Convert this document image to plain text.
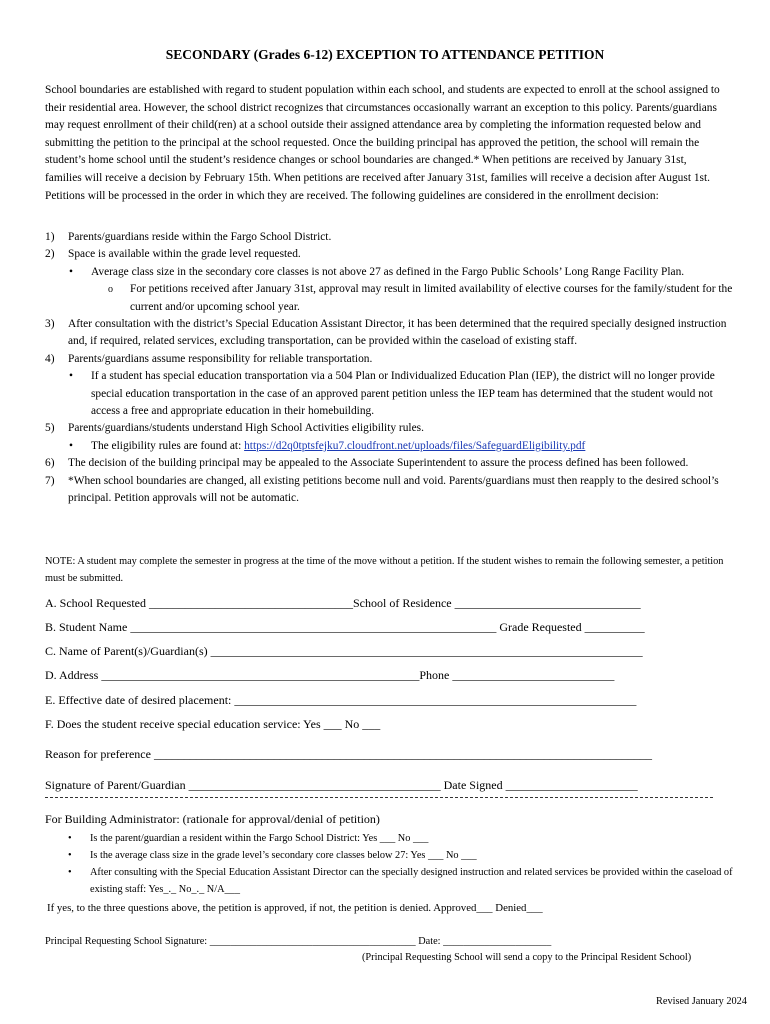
SECONDARY (Grades 6-12) EXCEPTION TO ATTENDANCE PETITION
School boundaries are established with regard to student population within each school, and students are expected to enroll at the school assigned to their residential area. However, the school district recognizes that circumstances occasionally warrant an exception to this policy. Parents/guardians may request enrollment of their child(ren) at a school outside their assigned attendance area by completing the information requested below and submitting the petition to the principal at the school requested. Once the building principal has approved the petition, the school will remain the student’s home school until the student’s residence changes or school boundaries are changed.* When petitions are received by January 31st, families will receive a decision by February 15th. When petitions are received after January 31st, families will receive a decision after August 1st. Petitions will be processed in the order in which they are received. The following guidelines are considered in the enrollment decision:
1) Parents/guardians reside within the Fargo School District.
2) Space is available within the grade level requested.
• Average class size in the secondary core classes is not above 27 as defined in the Fargo Public Schools’ Long Range Facility Plan.
o For petitions received after January 31st, approval may result in limited availability of elective courses for the family/student for the current and/or upcoming school year.
3) After consultation with the district’s Special Education Assistant Director, it has been determined that the required specially designed instruction and, if required, related services, excluding transportation, can be provided within the caseload of existing staff.
4) Parents/guardians assume responsibility for reliable transportation.
• If a student has special education transportation via a 504 Plan or Individualized Education Plan (IEP), the district will no longer provide special education transportation in the case of an approved parent petition unless the IEP team has determined that the student would not access a free and appropriate education in their homebuilding.
5) Parents/guardians/students understand High School Activities eligibility rules.
• The eligibility rules are found at: https://d2q0tptsfejku7.cloudfront.net/uploads/files/SafeguardEligibility.pdf
6) The decision of the building principal may be appealed to the Associate Superintendent to assure the process defined has been followed.
7) *When school boundaries are changed, all existing petitions become null and void. Parents/guardians must then reapply to the desired school’s principal. Petition approvals will not be automatic.
NOTE: A student may complete the semester in progress at the time of the move without a petition. If the student wishes to remain the following semester, a petition must be submitted.
A. School Requested __________________________________School of Residence _______________________________
B. Student Name _____________________________________________________________ Grade Requested __________
C. Name of Parent(s)/Guardian(s) ________________________________________________________________________
D. Address _____________________________________________________Phone ___________________________
E. Effective date of desired placement: ___________________________________________________________________
F. Does the student receive special education service: Yes ___ No ___
Reason for preference ___________________________________________________________________________________
Signature of Parent/Guardian __________________________________________ Date Signed ______________________
For Building Administrator: (rationale for approval/denial of petition)
• Is the parent/guardian a resident within the Fargo School District: Yes ___ No ___
• Is the average class size in the grade level’s secondary core classes below 27: Yes ___ No ___
• After consulting with the Special Education Assistant Director can the specially designed instruction and related services be provided within the caseload of existing staff: Yes_._ No_._ N/A___
If yes, to the three questions above, the petition is approved, if not, the petition is denied. Approved___ Denied___
Principal Requesting School Signature: ________________________________________ Date: _____________________
(Principal Requesting School will send a copy to the Principal Resident School)
Revised January 2024
